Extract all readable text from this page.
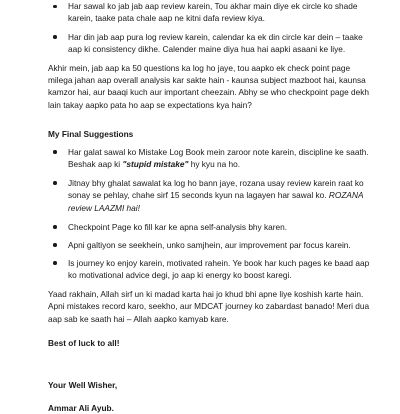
Har sawal ko jab jab aap review karein, Tou akhar main diye ek circle ko shade karein, taake pata chale aap ne kitni dafa review kiya.
Har din jab aap pura log review karein, calendar ka ek din circle kar dein – taake aap ki consistency dikhe. Calender maine diya hua hai aapki asaani ke liye.

Akhir mein, jab aap ka 50 questions ka log ho jaye, tou aapko ek check point page milega jahan aap overall analysis kar sakte hain - kaunsa subject mazboot hai, kaunsa kamzor hai, aur baaqi kuch aur important cheezain. Abhy se who checkpoint page dekh lain takay aapko pata ho aap se expectations kya hain?

My Final Suggestions

Har galat sawal ko Mistake Log Book mein zaroor note karein, discipline ke saath. Beshak aap ki "stupid mistake" hy kyu na ho.
Jitnay bhy ghalat sawalat ka log ho bann jaye, rozana usay review karein raat ko sonay se pehlay, chahe sirf 15 seconds kyun na lagayen har sawal ko. ROZANA review LAAZMI hai!
Checkpoint Page ko fill kar ke apna self-analysis bhy karen.
Apni galtiyon se seekhein, unko samjhein, aur improvement par focus karein.
Is journey ko enjoy karein, motivated rahein. Ye book har kuch pages ke baad aap ko motivational advice degi, jo aap ki energy ko boost karegi.

Yaad rakhain, Allah sirf un ki madad karta hai jo khud bhi apne liye koshish karte hain. Apni mistakes record karo, seekho, aur MDCAT journey ko zabardast banado! Meri dua aap sab ke saath hai – Allah aapko kamyab kare.

Best of luck to all!

Your Well Wisher,

Ammar Ali Ayub.
